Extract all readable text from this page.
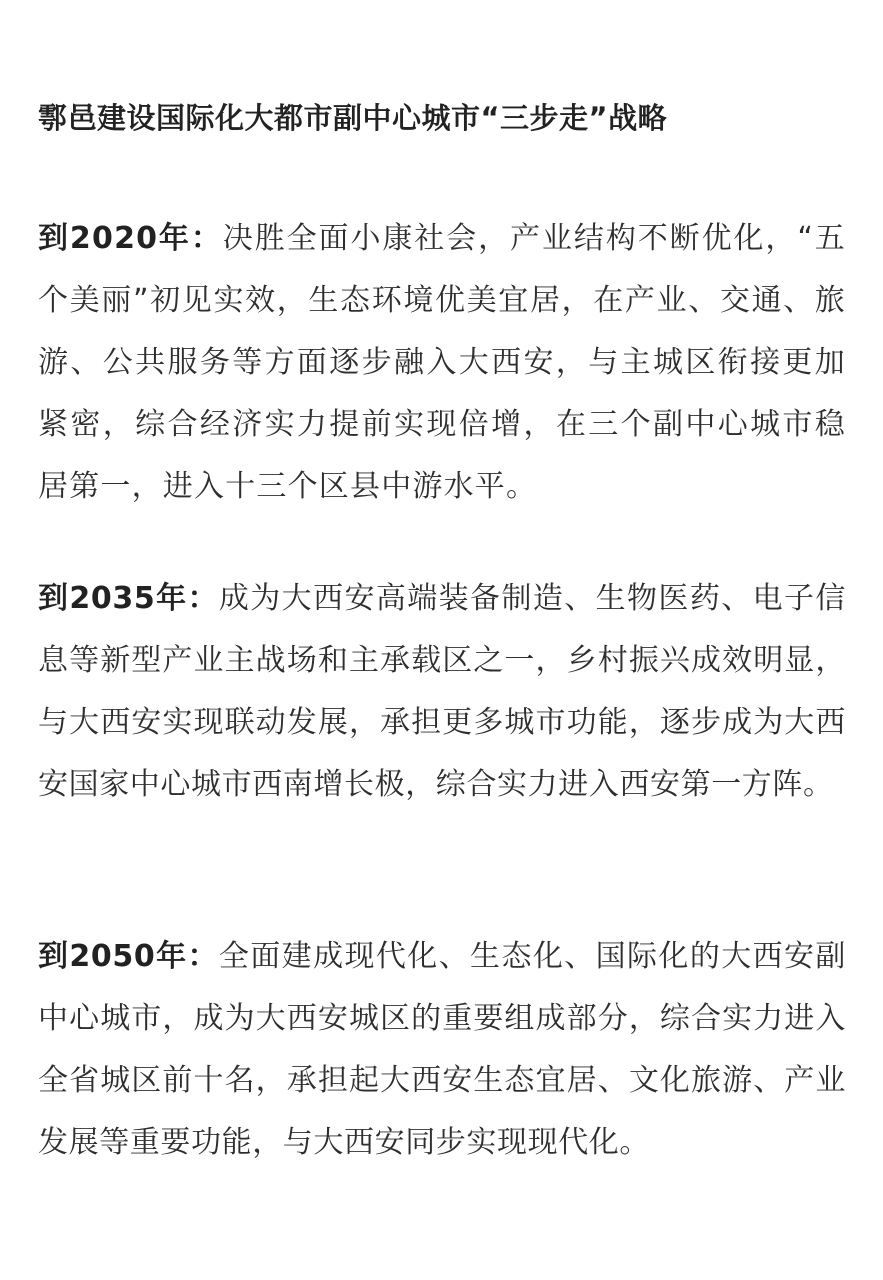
鄠邑建设国际化大都市副中心城市“三步走”战略

到2020年：决胜全面小康社会，产业结构不断优化，“五个美丽”初见实效，生态环境优美宜居，在产业、交通、旅游、公共服务等方面逐步融入大西安，与主城区衔接更加紧密，综合经济实力提前实现倍增，在三个副中心城市稳居第一，进入十三个区县中游水平。

到2035年：成为大西安高端装备制造、生物医药、电子信息等新型产业主战场和主承载区之一，乡村振兴成效明显，与大西安实现联动发展，承担更多城市功能，逐步成为大西安国家中心城市西南增长极，综合实力进入西安第一方阵。

到2050年：全面建成现代化、生态化、国际化的大西安副中心城市，成为大西安城区的重要组成部分，综合实力进入全省城区前十名，承担起大西安生态宜居、文化旅游、产业发展等重要功能，与大西安同步实现现代化。
